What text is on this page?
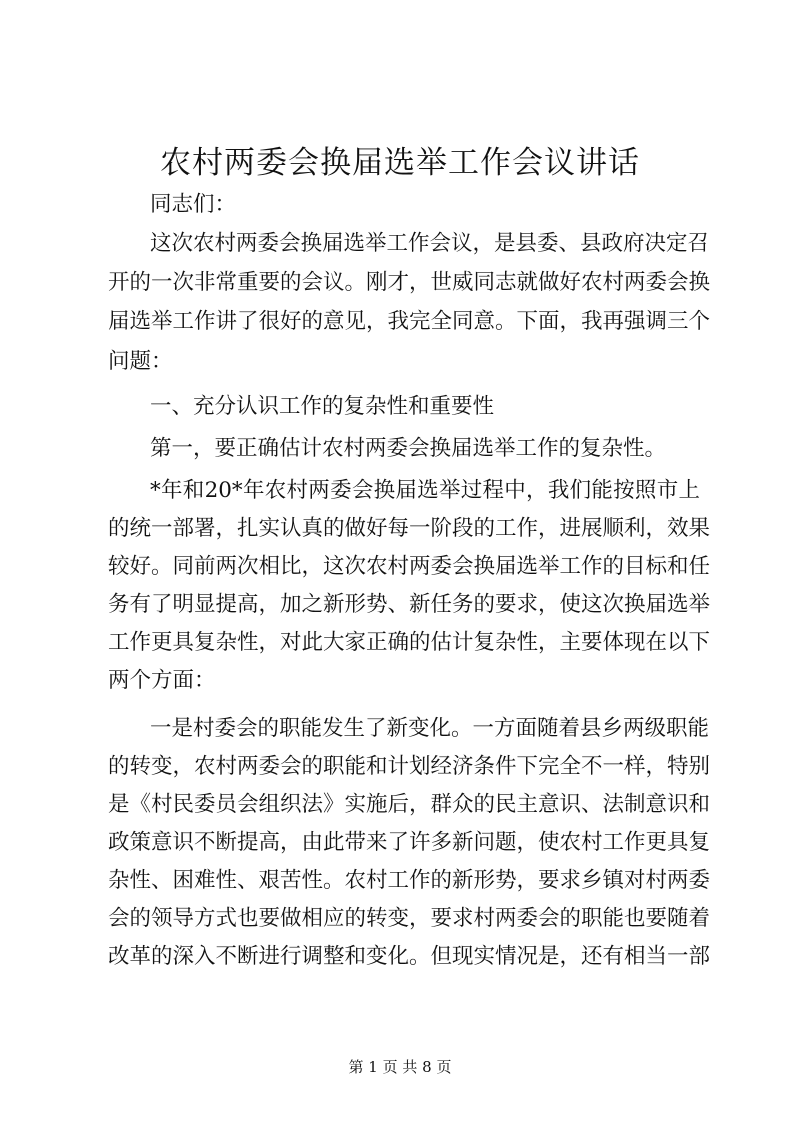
农村两委会换届选举工作会议讲话
同志们：
这次农村两委会换届选举工作会议，是县委、县政府决定召
开的一次非常重要的会议。刚才，世威同志就做好农村两委会换
届选举工作讲了很好的意见，我完全同意。下面，我再强调三个
问题：
一、充分认识工作的复杂性和重要性
第一，要正确估计农村两委会换届选举工作的复杂性。
*年和20*年农村两委会换届选举过程中，我们能按照市上
的统一部署，扎实认真的做好每一阶段的工作，进展顺利，效果
较好。同前两次相比，这次农村两委会换届选举工作的目标和任
务有了明显提高，加之新形势、新任务的要求，使这次换届选举
工作更具复杂性，对此大家正确的估计复杂性，主要体现在以下
两个方面：
一是村委会的职能发生了新变化。一方面随着县乡两级职能
的转变，农村两委会的职能和计划经济条件下完全不一样，特别
是《村民委员会组织法》实施后，群众的民主意识、法制意识和
政策意识不断提高，由此带来了许多新问题，使农村工作更具复
杂性、困难性、艰苦性。农村工作的新形势，要求乡镇对村两委
会的领导方式也要做相应的转变，要求村两委会的职能也要随着
改革的深入不断进行调整和变化。但现实情况是，还有相当一部
第 1 页 共 8 页
